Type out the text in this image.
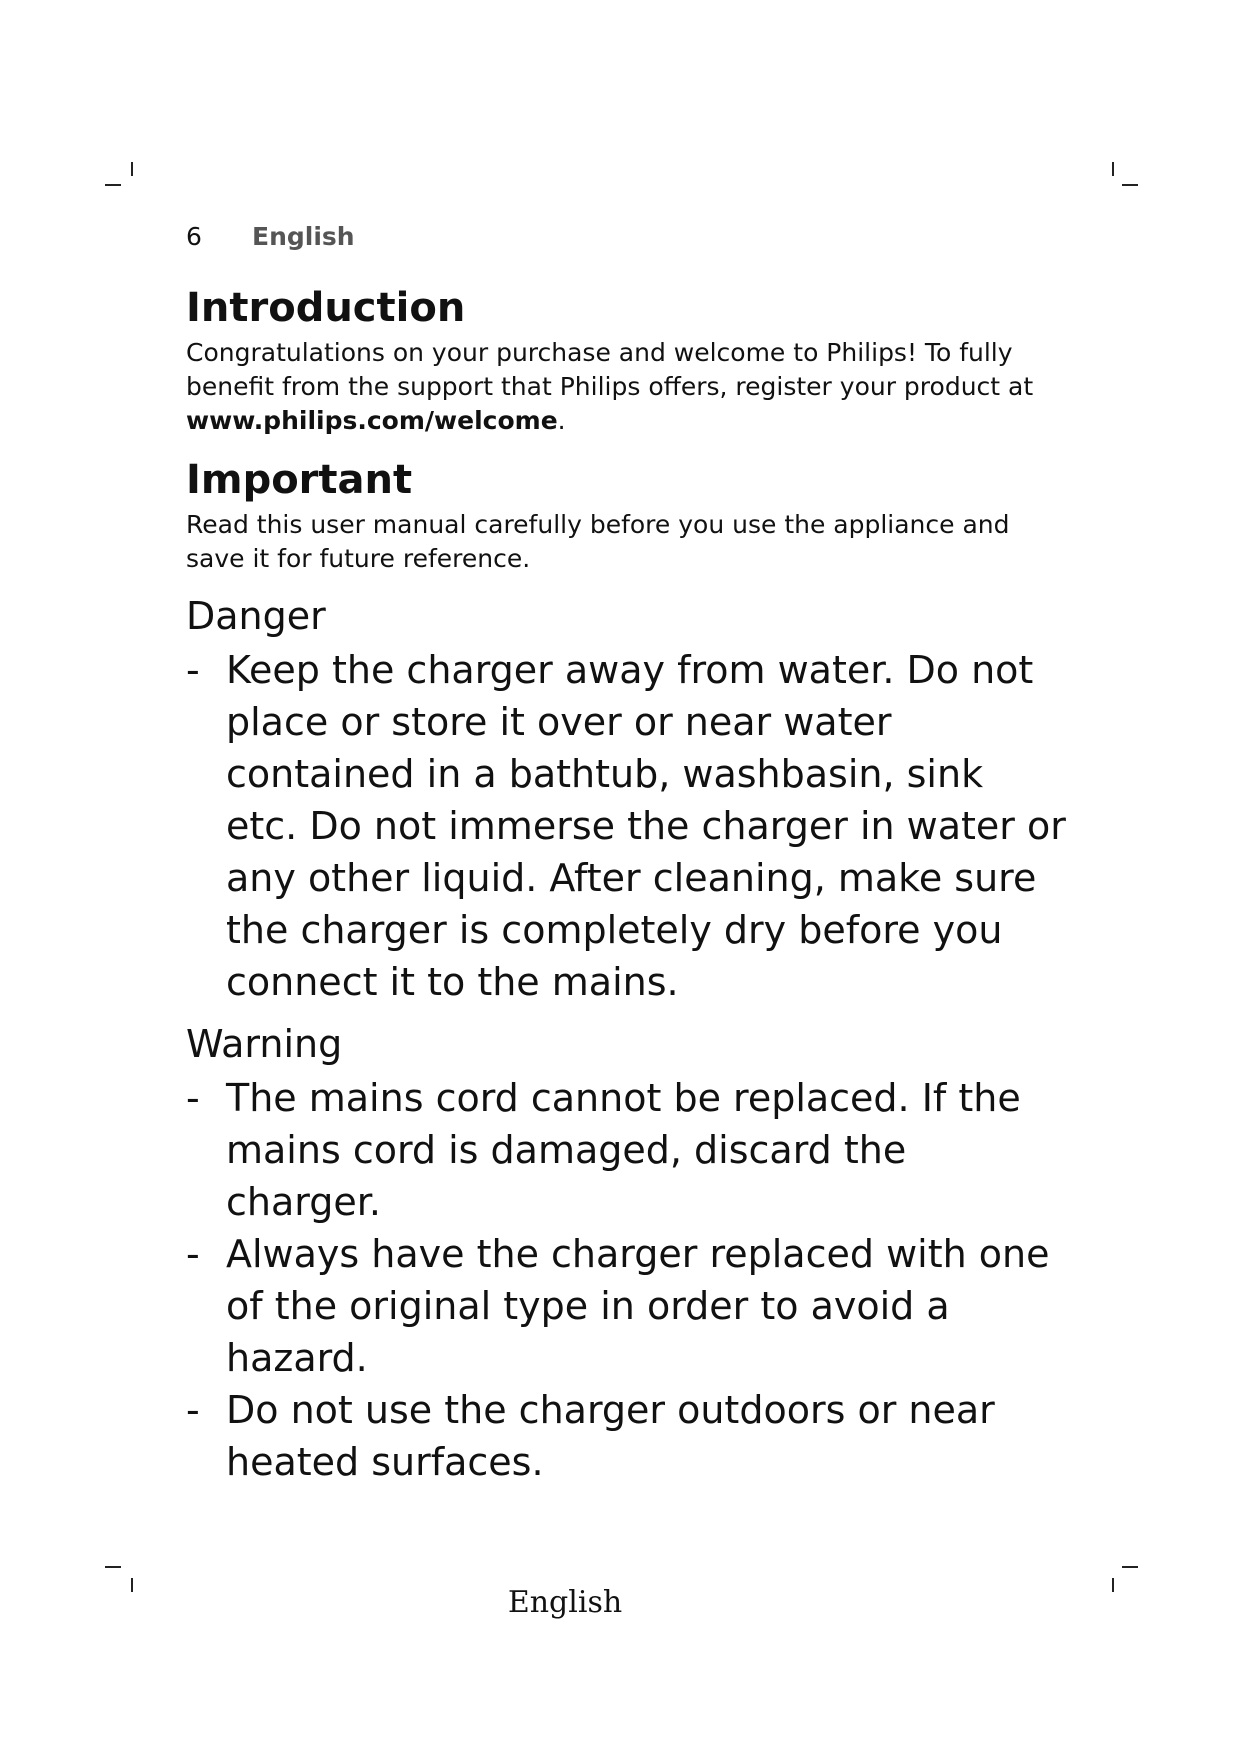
6 English
Introduction

Congratulations on your purchase and welcome to Philips! To fully benefit from the support that Philips offers, register your product at www.philips.com/welcome.

Important

Read this user manual carefully before you use the appliance and save it for future reference.

Danger
- Keep the charger away from water. Do not place or store it over or near water contained in a bathtub, washbasin, sink etc. Do not immerse the charger in water or any other liquid. After cleaning, make sure the charger is completely dry before you connect it to the mains.
Warning
- The mains cord cannot be replaced. If the mains cord is damaged, discard the charger.
- Always have the charger replaced with one of the original type in order to avoid a hazard.
- Do not use the charger outdoors or near heated surfaces.
English
